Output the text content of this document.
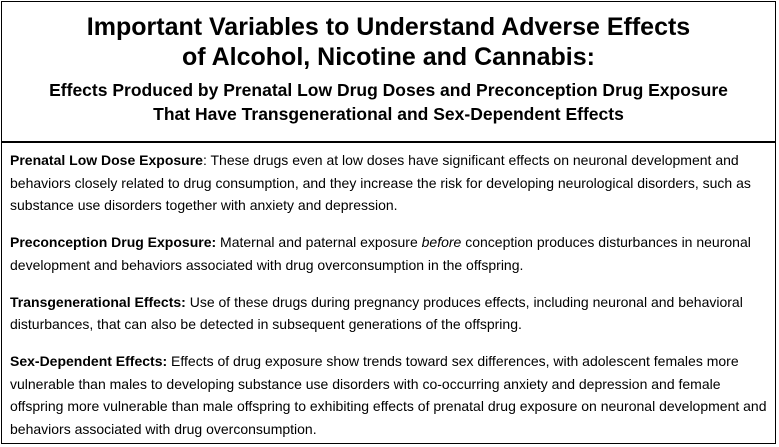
Important Variables to Understand Adverse Effects
of Alcohol, Nicotine and Cannabis:

Effects Produced by Prenatal Low Drug Doses and Preconception Drug Exposure
That Have Transgenerational and Sex-Dependent Effects

Prenatal Low Dose Exposure: These drugs even at low doses have significant effects on neuronal development and behaviors closely related to drug consumption, and they increase the risk for developing neurological disorders, such as substance use disorders together with anxiety and depression.

Preconception Drug Exposure: Maternal and paternal exposure before conception produces disturbances in neuronal development and behaviors associated with drug overconsumption in the offspring.

Transgenerational Effects: Use of these drugs during pregnancy produces effects, including neuronal and behavioral disturbances, that can also be detected in subsequent generations of the offspring.

Sex-Dependent Effects: Effects of drug exposure show trends toward sex differences, with adolescent females more vulnerable than males to developing substance use disorders with co-occurring anxiety and depression and female offspring more vulnerable than male offspring to exhibiting effects of prenatal drug exposure on neuronal development and behaviors associated with drug overconsumption.
